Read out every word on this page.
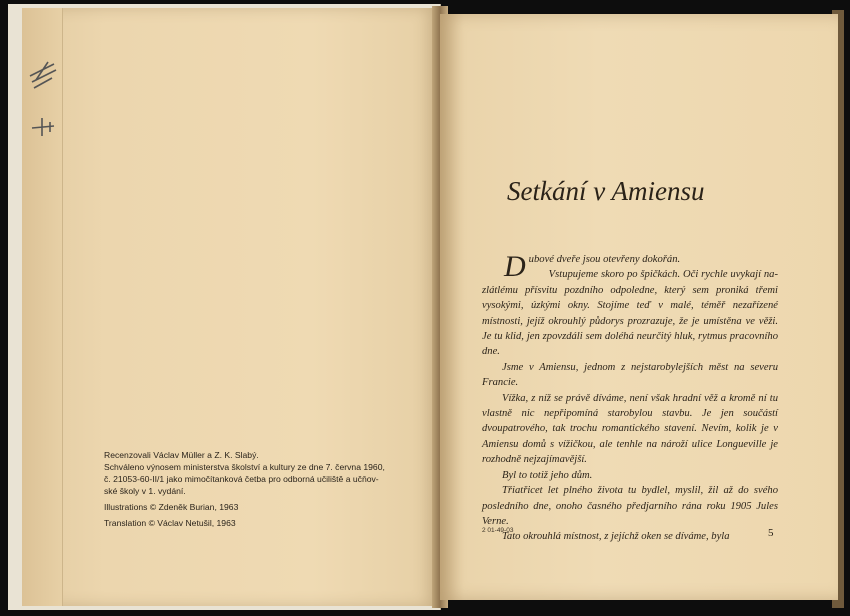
Recenzovali Václav Müller a Z. K. Slabý.

Schváleno výnosem ministerstva školství a kultury ze dne 7. června 1960,

č. 21053-60-II/1 jako mimočítanková četba pro odborná učiliště a učňov-

ské školy v 1. vydání.

Illustrations © Zdeněk Burian, 1963

Translation © Václav Netušil, 1963

Setkání v Amiensu

Dubové dveře jsou otevřeny dokořán.

Vstupujeme skoro po špičkách. Oči rychle uvykají na-zlátlému přísvitu pozdního odpoledne, který sem proniká třemi vysokými, úzkými okny. Stojíme teď v malé, téměř nezařízené místnosti, jejíž okrouhlý půdorys prozrazuje, že je umístěna ve věži. Je tu klid, jen zpovzdáli sem doléhá neurčitý hluk, rytmus pracovního dne.

Jsme v Amiensu, jednom z nejstarobylejších měst na severu Francie.

Vížka, z níž se právě díváme, není však hradní věž a kromě ní tu vlastně nic nepřipomíná starobylou stavbu. Je jen součástí dvoupatrového, tak trochu romantického stavení. Nevím, kolik je v Amiensu domů s vížičkou, ale tenhle na nároží ulice Longueville je rozhodně nejzajímavější.

Byl to totiž jeho dům.

Třiatřicet let plného života tu bydlel, myslil, žil až do svého posledního dne, onoho časného předjarního rána roku 1905 Jules Verne.

Tato okrouhlá místnost, z jejíchž oken se díváme, byla

2 01-49-03	5
